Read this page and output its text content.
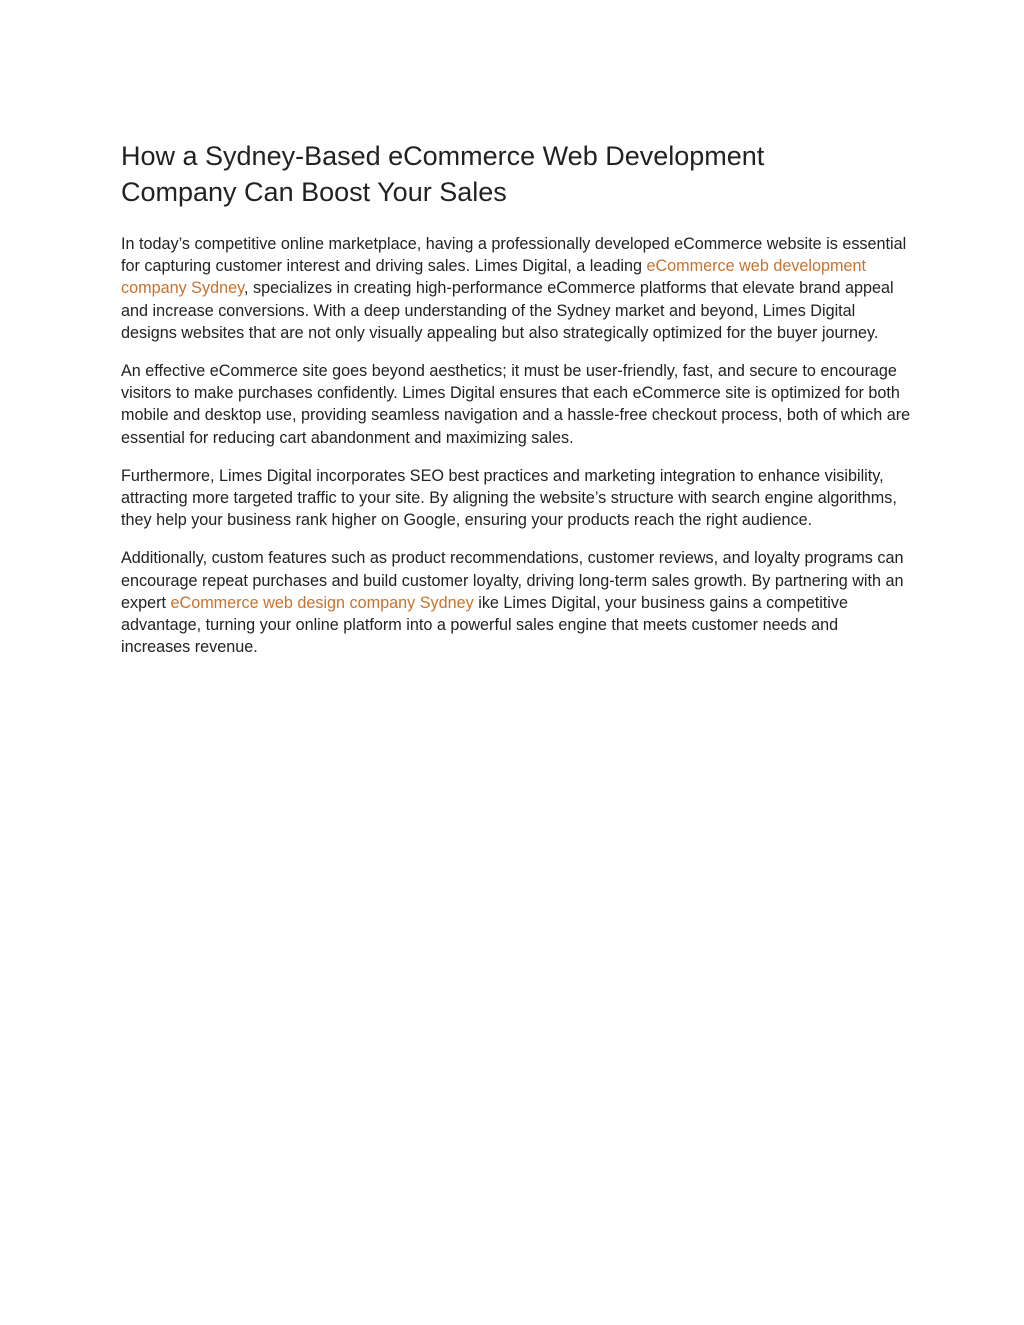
How a Sydney-Based eCommerce Web Development Company Can Boost Your Sales

In today’s competitive online marketplace, having a professionally developed eCommerce website is essential for capturing customer interest and driving sales. Limes Digital, a leading eCommerce web development company Sydney, specializes in creating high-performance eCommerce platforms that elevate brand appeal and increase conversions. With a deep understanding of the Sydney market and beyond, Limes Digital designs websites that are not only visually appealing but also strategically optimized for the buyer journey.

An effective eCommerce site goes beyond aesthetics; it must be user-friendly, fast, and secure to encourage visitors to make purchases confidently. Limes Digital ensures that each eCommerce site is optimized for both mobile and desktop use, providing seamless navigation and a hassle-free checkout process, both of which are essential for reducing cart abandonment and maximizing sales.

Furthermore, Limes Digital incorporates SEO best practices and marketing integration to enhance visibility, attracting more targeted traffic to your site. By aligning the website’s structure with search engine algorithms, they help your business rank higher on Google, ensuring your products reach the right audience.

Additionally, custom features such as product recommendations, customer reviews, and loyalty programs can encourage repeat purchases and build customer loyalty, driving long-term sales growth. By partnering with an expert eCommerce web design company Sydney ike Limes Digital, your business gains a competitive advantage, turning your online platform into a powerful sales engine that meets customer needs and increases revenue.
